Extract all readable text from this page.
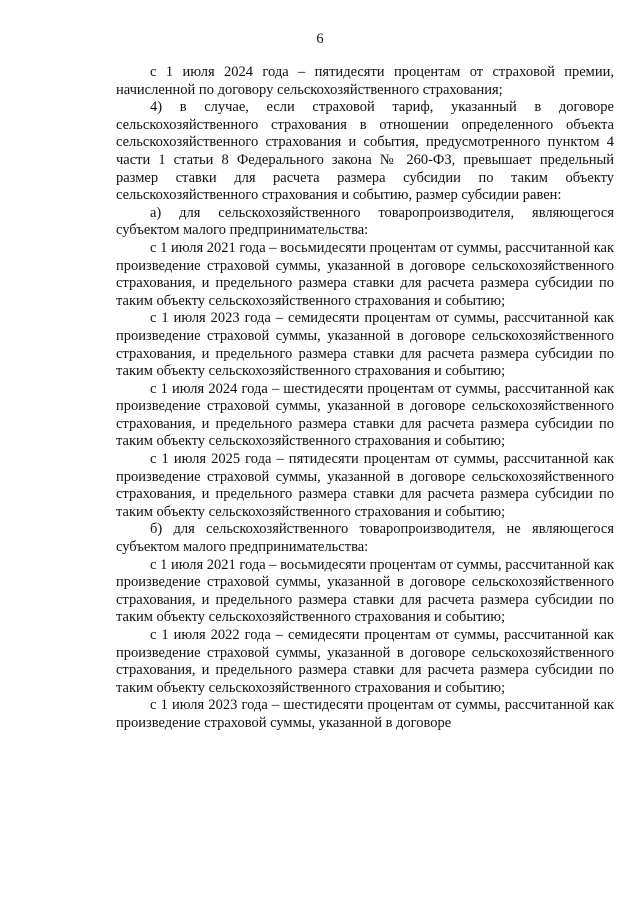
6

с 1 июля 2024 года – пятидесяти процентам от страховой премии, начисленной по договору сельскохозяйственного страхования;

4) в случае, если страховой тариф, указанный в договоре сельскохозяйственного страхования в отношении определенного объекта сельскохозяйственного страхования и события, предусмотренного пунктом 4 части 1 статьи 8 Федерального закона № 260-ФЗ, превышает предельный размер ставки для расчета размера субсидии по таким объекту сельскохозяйственного страхования и событию, размер субсидии равен:

а) для сельскохозяйственного товаропроизводителя, являющегося субъектом малого предпринимательства:

с 1 июля 2021 года – восьмидесяти процентам от суммы, рассчитанной как произведение страховой суммы, указанной в договоре сельскохозяйственного страхования, и предельного размера ставки для расчета размера субсидии по таким объекту сельскохозяйственного страхования и событию;

с 1 июля 2023 года – семидесяти процентам от суммы, рассчитанной как произведение страховой суммы, указанной в договоре сельскохозяйственного страхования, и предельного размера ставки для расчета размера субсидии по таким объекту сельскохозяйственного страхования и событию;

с 1 июля 2024 года – шестидесяти процентам от суммы, рассчитанной как произведение страховой суммы, указанной в договоре сельскохозяйственного страхования, и предельного размера ставки для расчета размера субсидии по таким объекту сельскохозяйственного страхования и событию;

с 1 июля 2025 года – пятидесяти процентам от суммы, рассчитанной как произведение страховой суммы, указанной в договоре сельскохозяйственного страхования, и предельного размера ставки для расчета размера субсидии по таким объекту сельскохозяйственного страхования и событию;

б) для сельскохозяйственного товаропроизводителя, не являющегося субъектом малого предпринимательства:

с 1 июля 2021 года – восьмидесяти процентам от суммы, рассчитанной как произведение страховой суммы, указанной в договоре сельскохозяйственного страхования, и предельного размера ставки для расчета размера субсидии по таким объекту сельскохозяйственного страхования и событию;

с 1 июля 2022 года – семидесяти процентам от суммы, рассчитанной как произведение страховой суммы, указанной в договоре сельскохозяйственного страхования, и предельного размера ставки для расчета размера субсидии по таким объекту сельскохозяйственного страхования и событию;

с 1 июля 2023 года – шестидесяти процентам от суммы, рассчитанной как произведение страховой суммы, указанной в договоре
